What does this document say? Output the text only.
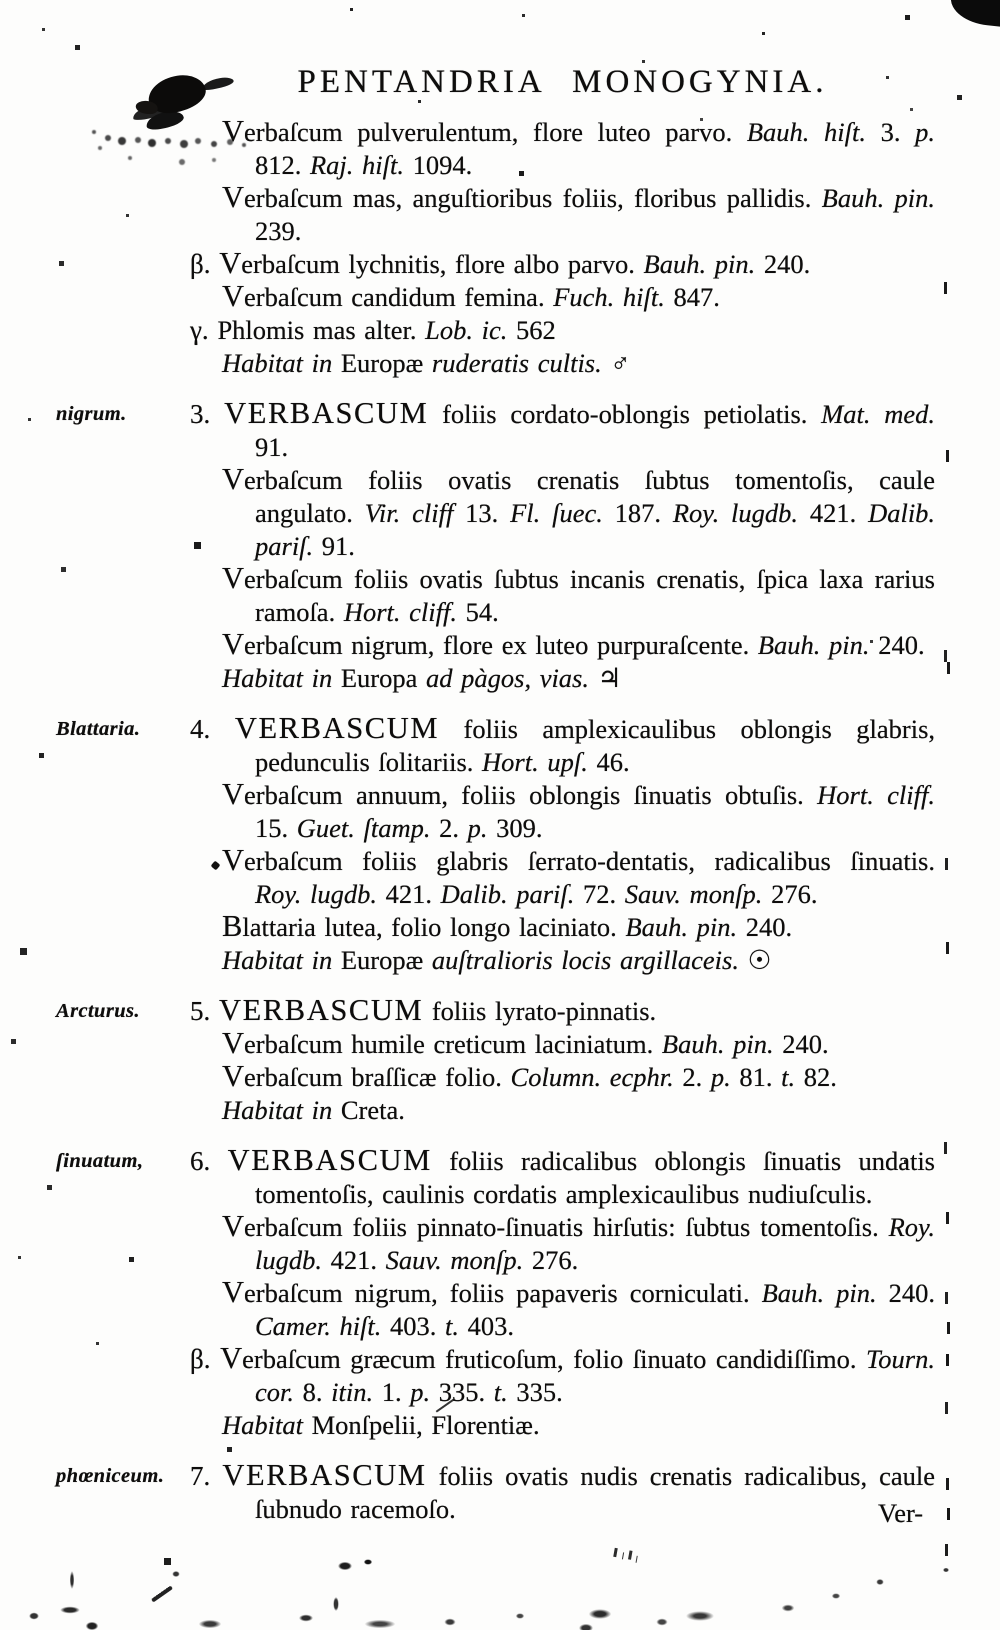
PENTANDRIA MONOGYNIA.

Verbaſcum pulverulentum, flore luteo parvo. Bauh. hiſt. 3. p. 812. Raj. hiſt. 1094.

Verbaſcum mas, anguſtioribus foliis, floribus pallidis. Bauh. pin. 239.

β. Verbaſcum lychnitis, flore albo parvo. Bauh. pin. 240.

Verbaſcum candidum femina. Fuch. hiſt. 847.

γ. Phlomis mas alter. Lob. ic. 562

Habitat in Europæ ruderatis cultis. ♂

nigrum.	3. VERBASCUM foliis cordato-oblongis petiolatis. Mat. med. 91.

Verbaſcum foliis ovatis crenatis ſubtus tomentoſis, caule angulato. Vir. cliff 13. Fl. ſuec. 187. Roy. lugdb. 421. Dalib. pariſ. 91.

Verbaſcum foliis ovatis ſubtus incanis crenatis, ſpica laxa rarius ramoſa. Hort. cliff. 54.

Verbaſcum nigrum, flore ex luteo purpuraſcente. Bauh. pin. 240.

Habitat in Europa ad pàgos, vias. ♃

Blattaria.	4. VERBASCUM foliis amplexicaulibus oblongis glabris, pedunculis ſolitariis. Hort. upſ. 46.

Verbaſcum annuum, foliis oblongis ſinuatis obtuſis. Hort. cliff. 15. Guet. ſtamp. 2. p. 309.

Verbaſcum foliis glabris ſerrato-dentatis, radicalibus ſinuatis. Roy. lugdb. 421. Dalib. pariſ. 72. Sauv. monſp. 276.

Blattaria lutea, folio longo laciniato. Bauh. pin. 240.

Habitat in Europæ auſtralioris locis argillaceis. ☉

Arcturus.	5. VERBASCUM foliis lyrato-pinnatis.

Verbaſcum humile creticum laciniatum. Bauh. pin. 240.

Verbaſcum braſſicæ folio. Column. ecphr. 2. p. 81. t. 82.

Habitat in Creta.

ſinuatum,	6. VERBASCUM foliis radicalibus oblongis ſinuatis undatis tomentoſis, caulinis cordatis amplexicaulibus nudiuſculis.

Verbaſcum foliis pinnato-ſinuatis hirſutis: ſubtus tomentoſis. Roy. lugdb. 421. Sauv. monſp. 276.

Verbaſcum nigrum, foliis papaveris corniculati. Bauh. pin. 240. Camer. hiſt. 403. t. 403.

β. Verbaſcum græcum fruticoſum, folio ſinuato candidiſſimo. Tourn. cor. 8. itin. 1. p. 335. t. 335.

Habitat Monſpelii, Florentiæ.

phœniceum. 7. VERBASCUM foliis ovatis nudis crenatis radicalibus, caule ſubnudo racemoſo.	Ver-
